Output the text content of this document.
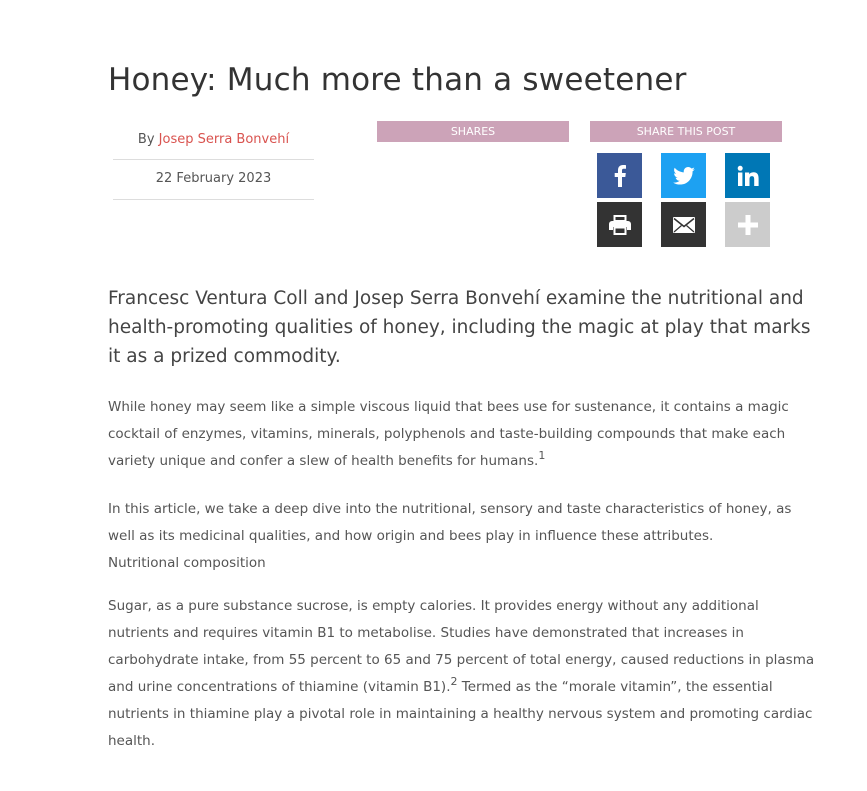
Honey: Much more than a sweetener
By Josep Serra Bonvehí
22 February 2023
SHARES	SHARE THIS POST

Francesc Ventura Coll and Josep Serra Bonvehí examine the nutritional and health-promoting qualities of honey, including the magic at play that marks it as a prized commodity.

While honey may seem like a simple viscous liquid that bees use for sustenance, it contains a magic cocktail of enzymes, vitamins, minerals, polyphenols and taste-building compounds that make each variety unique and confer a slew of health benefits for humans.$^1$

In this article, we take a deep dive into the nutritional, sensory and taste characteristics of honey, as well as its medicinal qualities, and how origin and bees play in influence these attributes.
Nutritional composition

Sugar, as a pure substance sucrose, is empty calories. It provides energy without any additional nutrients and requires vitamin B1 to metabolise. Studies have demonstrated that increases in carbohydrate intake, from 55 percent to 65 and 75 percent of total energy, caused reductions in plasma and urine concentrations of thiamine (vitamin B1).$^2$ Termed as the “morale vitamin”, the essential nutrients in thiamine play a pivotal role in maintaining a healthy nervous system and promoting cardiac health.
